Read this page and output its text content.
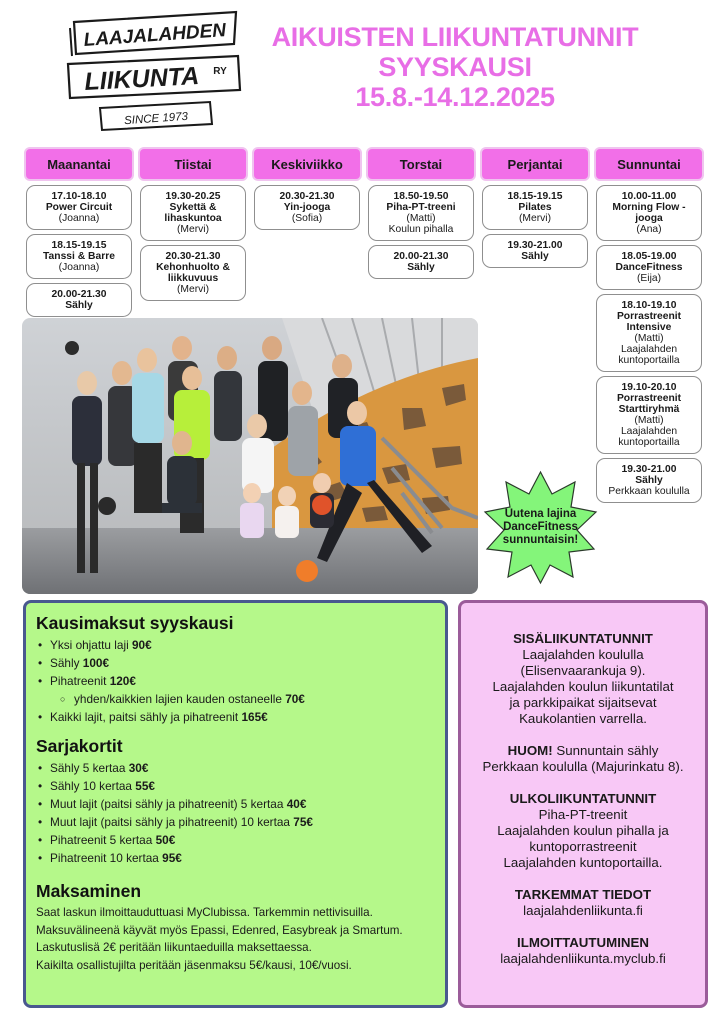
LAAJALAHDEN
LIIKUNTA RY
SINCE 1973
AIKUISTEN LIIKUNTATUNNIT
SYYSKAUSI
15.8.-14.12.2025
Maanantai
17.10-18.10
Power Circuit
(Joanna)
18.15-19.15
Tanssi & Barre
(Joanna)
20.00-21.30
Sähly
Tiistai
19.30-20.25
Sykettä & lihaskuntoa
(Mervi)
20.30-21.30
Kehonhuolto & liikkuvuus
(Mervi)
Keskiviikko
20.30-21.30
Yin-jooga
(Sofia)
Torstai
18.50-19.50
Piha-PT-treeni
(Matti)
Koulun pihalla
20.00-21.30
Sähly
Perjantai
18.15-19.15
Pilates
(Mervi)
19.30-21.00
Sähly
Sunnuntai
10.00-11.00
Morning Flow - jooga
(Ana)
18.05-19.00
DanceFitness
(Eija)
18.10-19.10
Porrastreenit Intensive
(Matti)
Laajalahden kuntoportailla
19.10-20.10
Porrastreenit Starttiryhmä
(Matti)
Laajalahden kuntoportailla
19.30-21.00
Sähly
Perkkaan koululla
Uutena lajina
DanceFitness
sunnuntaisin!
Kausimaksut syyskausi
• Yksi ohjattu laji 90€
• Sähly 100€
• Pihatreenit 120€
○ yhden/kaikkien lajien kauden ostaneelle 70€
• Kaikki lajit, paitsi sähly ja pihatreenit 165€
Sarjakortit
• Sähly 5 kertaa 30€
• Sähly 10 kertaa 55€
• Muut lajit (paitsi sähly ja pihatreenit) 5 kertaa 40€
• Muut lajit (paitsi sähly ja pihatreenit) 10 kertaa 75€
• Pihatreenit 5 kertaa 50€
• Pihatreenit 10 kertaa 95€
Maksaminen

Saat laskun ilmoittauduttuasi MyClubissa. Tarkemmin nettivisuilla.

Maksuvälineenä käyvät myös Epassi, Edenred, Easybreak ja Smartum.

Laskutuslisä 2€ peritään liikuntaeduilla maksettaessa.

Kaikilta osallistujilta peritään jäsenmaksu 5€/kausi, 10€/vuosi.

SISÄLIIKUNTATUNNIT
Laajalahden koululla
(Elisenvaarankuja 9).
Laajalahden koulun liikuntatilat
ja parkkipaikat sijaitsevat
Kaukolantien varrella.
HUOM! Sunnuntain sähly
Perkkaan koululla (Majurinkatu 8).
ULKOLIIKUNTATUNNIT
Piha-PT-treenit
Laajalahden koulun pihalla ja
kuntoporrastreenit
Laajalahden kuntoportailla.
TARKEMMAT TIEDOT
laajalahdenliikunta.fi
ILMOITTAUTUMINEN
laajalahdenliikunta.myclub.fi
